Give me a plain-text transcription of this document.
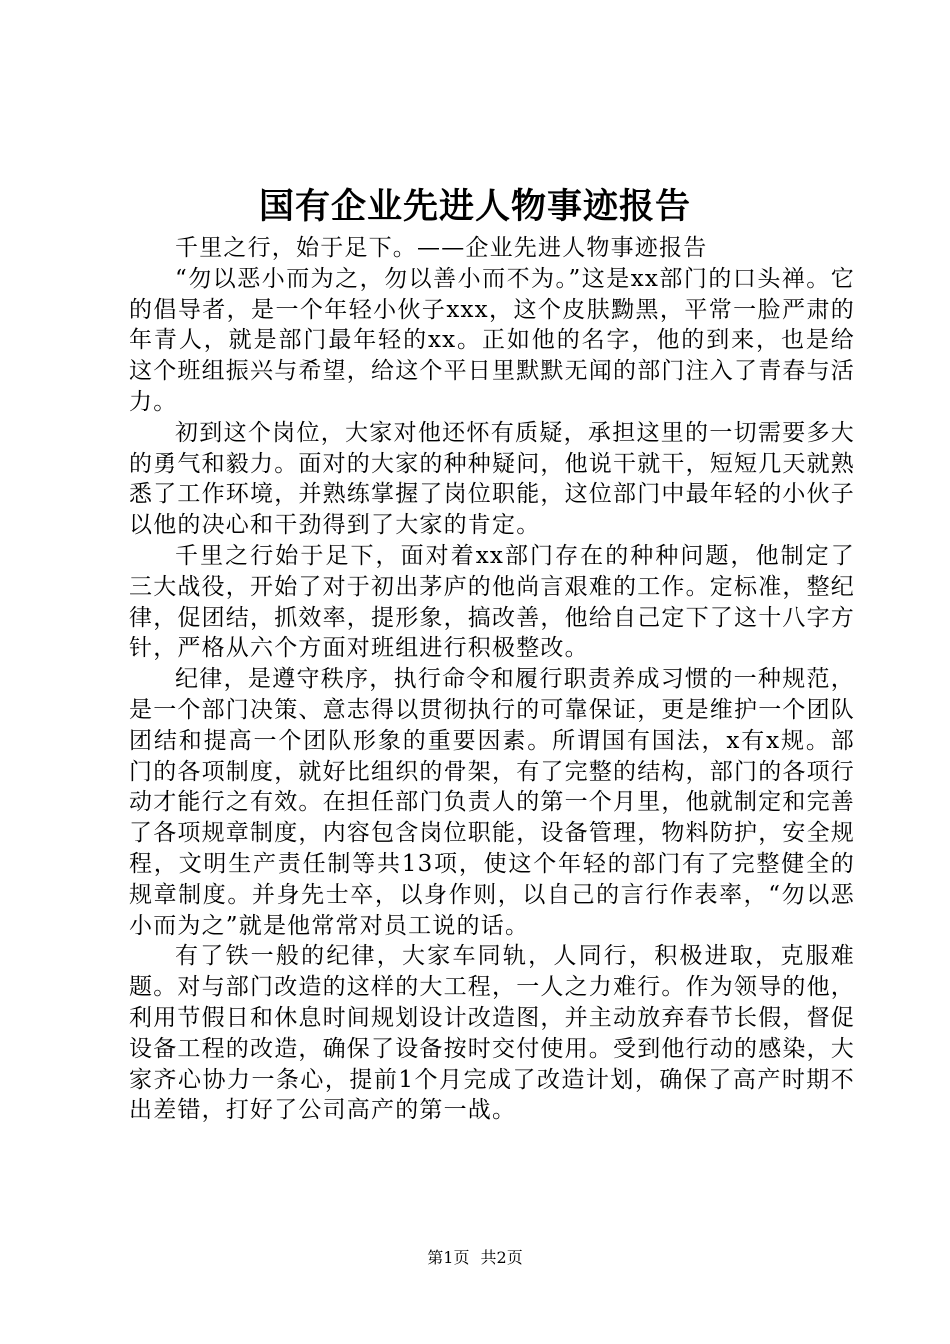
国有企业先进人物事迹报告

千里之行，始于足下。——企业先进人物事迹报告

“勿以恶小而为之，勿以善小而不为。”这是xx部门的口头禅。它的倡导者，是一个年轻小伙子xxx，这个皮肤黝黑，平常一脸严肃的年青人，就是部门最年轻的xx。正如他的名字，他的到来，也是给这个班组振兴与希望，给这个平日里默默无闻的部门注入了青春与活力。

初到这个岗位，大家对他还怀有质疑，承担这里的一切需要多大的勇气和毅力。面对的大家的种种疑问，他说干就干，短短几天就熟悉了工作环境，并熟练掌握了岗位职能，这位部门中最年轻的小伙子以他的决心和干劲得到了大家的肯定。

千里之行始于足下，面对着xx部门存在的种种问题，他制定了三大战役，开始了对于初出茅庐的他尚言艰难的工作。定标准，整纪律，促团结，抓效率，提形象，搞改善，他给自己定下了这十八字方针，严格从六个方面对班组进行积极整改。

纪律，是遵守秩序，执行命令和履行职责养成习惯的一种规范，是一个部门决策、意志得以贯彻执行的可靠保证，更是维护一个团队团结和提高一个团队形象的重要因素。所谓国有国法，x有x规。部门的各项制度，就好比组织的骨架，有了完整的结构，部门的各项行动才能行之有效。在担任部门负责人的第一个月里，他就制定和完善了各项规章制度，内容包含岗位职能，设备管理，物料防护，安全规程，文明生产责任制等共13项，使这个年轻的部门有了完整健全的规章制度。并身先士卒，以身作则，以自己的言行作表率，“勿以恶小而为之”就是他常常对员工说的话。

有了铁一般的纪律，大家车同轨，人同行，积极进取，克服难题。对与部门改造的这样的大工程，一人之力难行。作为领导的他，利用节假日和休息时间规划设计改造图，并主动放弃春节长假，督促设备工程的改造，确保了设备按时交付使用。受到他行动的感染，大家齐心协力一条心，提前1个月完成了改造计划，确保了高产时期不出差错，打好了公司高产的第一战。

第1页 共2页
